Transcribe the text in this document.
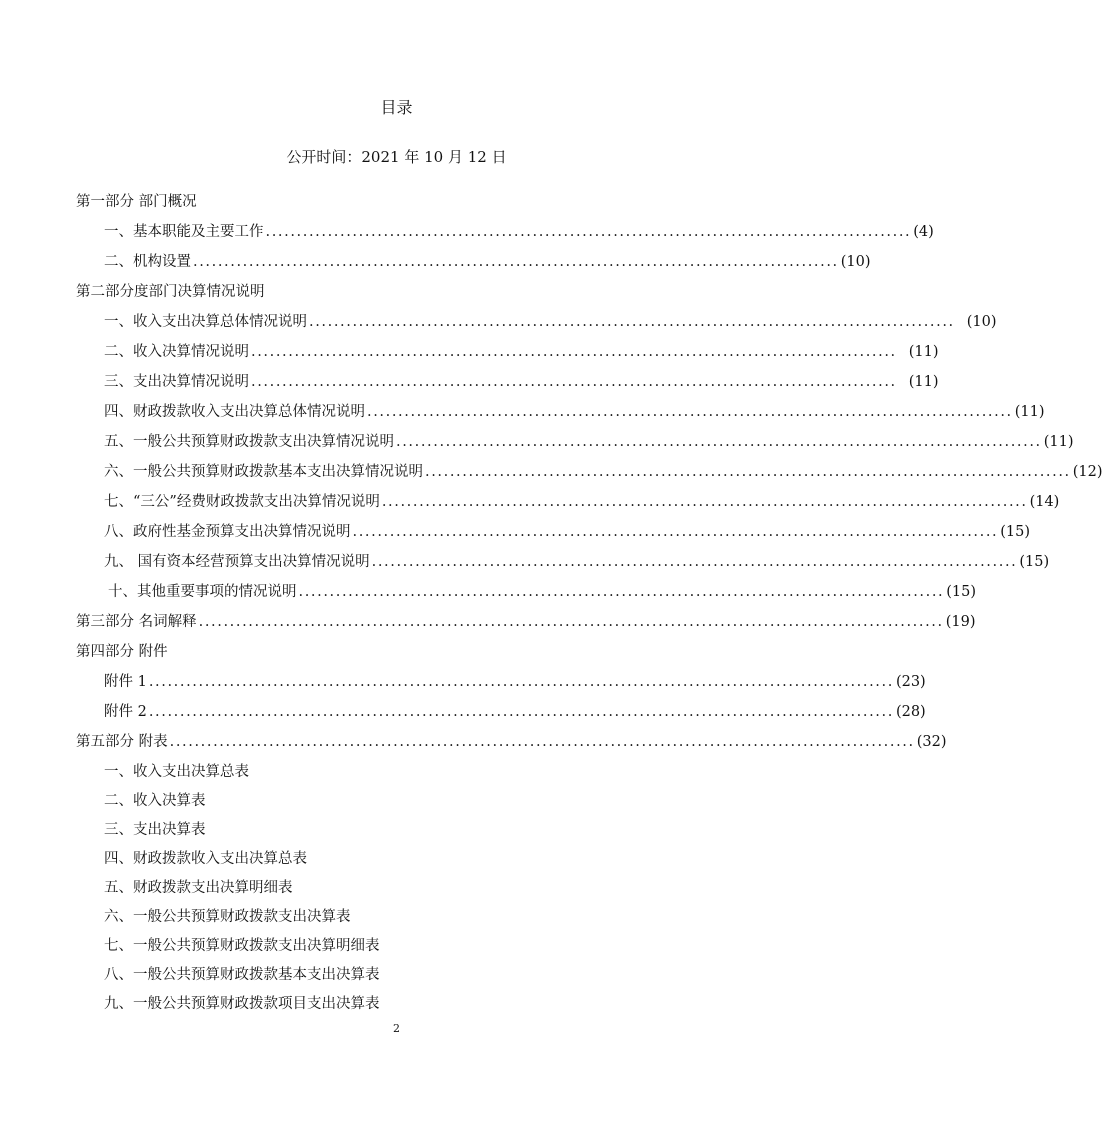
目录
公开时间：2021 年 10 月 12 日
第一部分 部门概况
一、基本职能及主要工作 ........................................................................................................ (4)
二、机构设置 ........................................................................................................ (10)
第二部分度部门决算情况说明
一、收入支出决算总体情况说明 ........................................................................................................ (10)
二、收入决算情况说明 ........................................................................................................ (11)
三、支出决算情况说明 ........................................................................................................ (11)
四、财政拨款收入支出决算总体情况说明 ........................................................................................................ (11)
五、一般公共预算财政拨款支出决算情况说明 ........................................................................................................ (11)
六、一般公共预算财政拨款基本支出决算情况说明 ........................................................................................................ (12)
七、“三公”经费财政拨款支出决算情况说明 ........................................................................................................ (14)
八、政府性基金预算支出决算情况说明 ........................................................................................................ (15)
九、 国有资本经营预算支出决算情况说明 ........................................................................................................ (15)
十、其他重要事项的情况说明 ........................................................................................................ (15)
第三部分 名词解释 ........................................................................................................................ (19)
第四部分 附件
附件 1 ........................................................................................................................ (23)
附件 2 ........................................................................................................................ (28)
第五部分 附表 ........................................................................................................................ (32)
一、收入支出决算总表
二、收入决算表
三、支出决算表
四、财政拨款收入支出决算总表
五、财政拨款支出决算明细表
六、一般公共预算财政拨款支出决算表
七、一般公共预算财政拨款支出决算明细表
八、一般公共预算财政拨款基本支出决算表
九、一般公共预算财政拨款项目支出决算表
2
